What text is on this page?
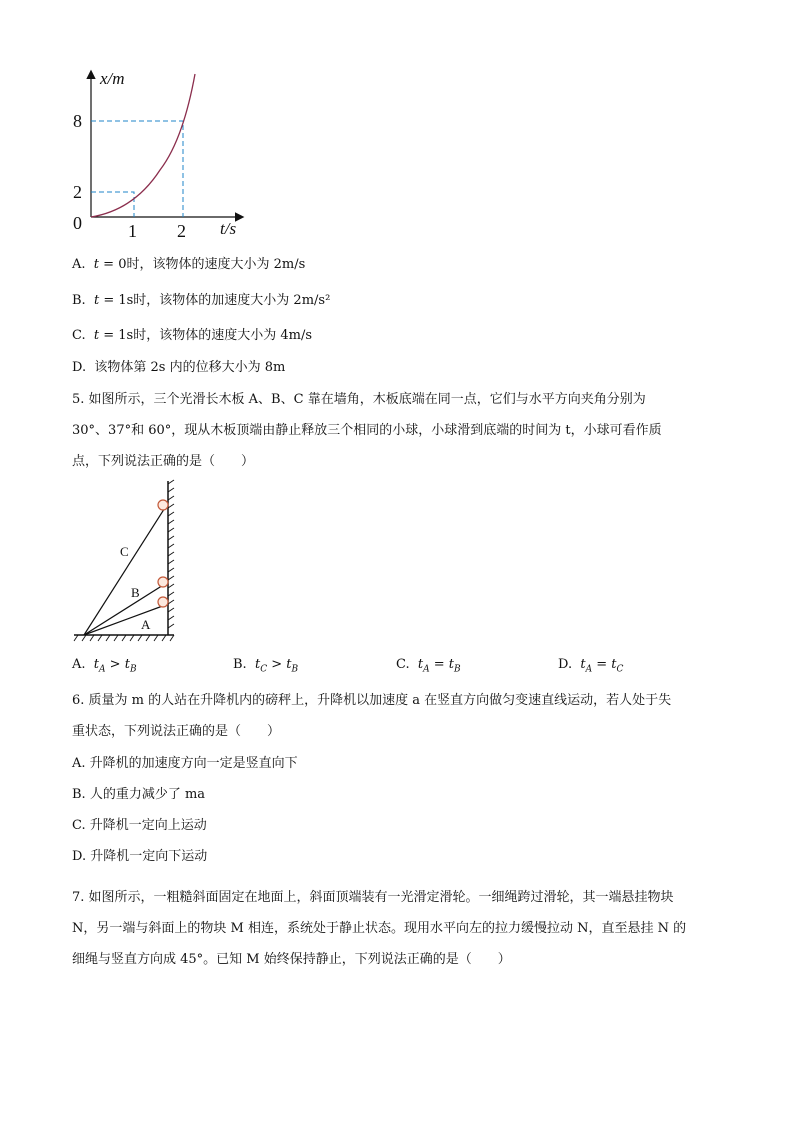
x/m
t/s
0
2
8
1 2
A. t = 0时，该物体的速度大小为 2m/s
B. t = 1s时，该物体的加速度大小为 2m/s²
C. t = 1s时，该物体的速度大小为 4m/s
D. 该物体第 2s 内的位移大小为 8m
5. 如图所示，三个光滑长木板 A、B、C 靠在墙角，木板底端在同一点，它们与水平方向夹角分别为
30°、37°和 60°，现从木板顶端由静止释放三个相同的小球，小球滑到底端的时间为 t，小球可看作质
点，下列说法正确的是（　　）
A
B
C
A. $t_A > t_B$	B. $t_C > t_B$	C. $t_A = t_B$	D. $t_A = t_C$
6. 质量为 m 的人站在升降机内的磅秤上，升降机以加速度 a 在竖直方向做匀变速直线运动，若人处于失
重状态，下列说法正确的是（　　）
A. 升降机的加速度方向一定是竖直向下
B. 人的重力减少了 ma
C. 升降机一定向上运动
D. 升降机一定向下运动
7. 如图所示，一粗糙斜面固定在地面上，斜面顶端装有一光滑定滑轮。一细绳跨过滑轮，其一端悬挂物块
N，另一端与斜面上的物块 M 相连，系统处于静止状态。现用水平向左的拉力缓慢拉动 N，直至悬挂 N 的
细绳与竖直方向成 45°。已知 M 始终保持静止，下列说法正确的是（　　）
